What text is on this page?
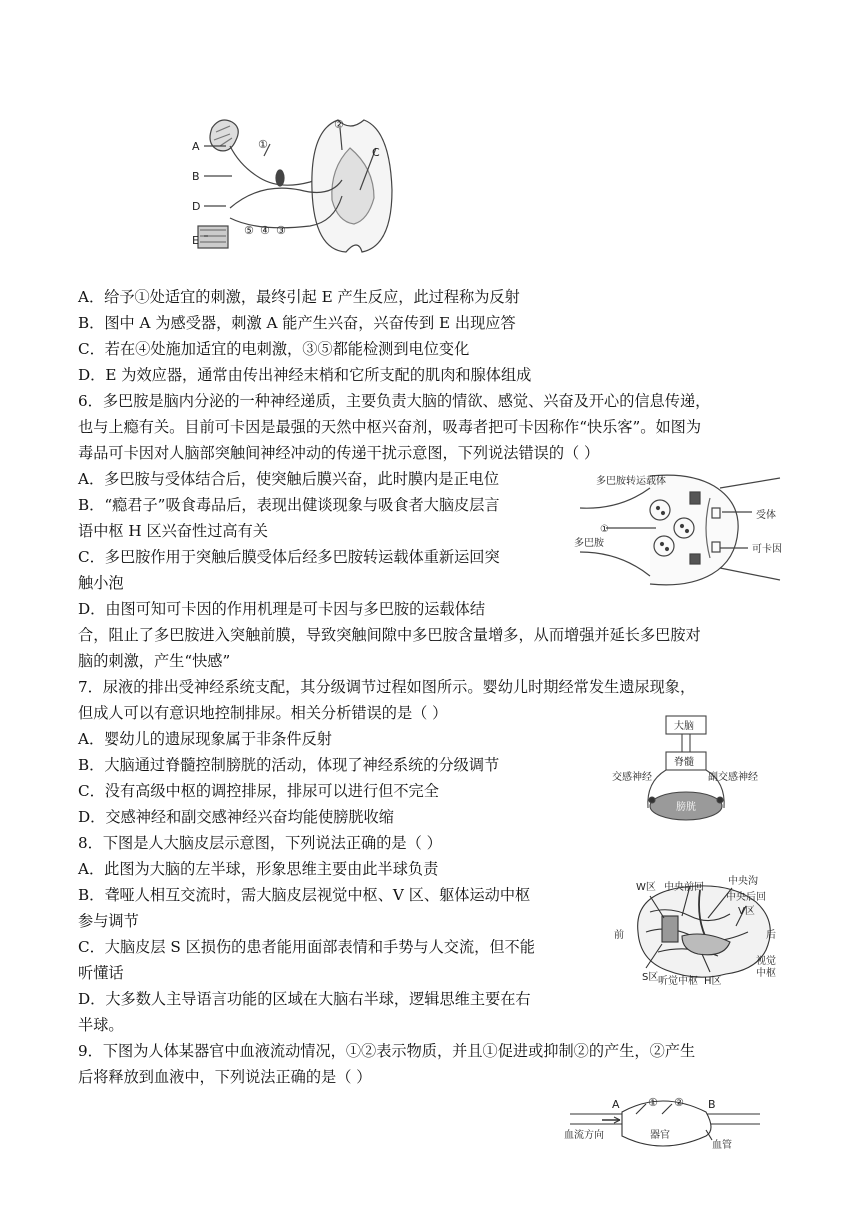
A
B
C
D
E
①
②
③
④
⑤
A．给予①处适宜的刺激，最终引起 E 产生反应，此过程称为反射
B．图中 A 为感受器，刺激 A 能产生兴奋，兴奋传到 E 出现应答
C．若在④处施加适宜的电刺激，③⑤都能检测到电位变化
D．E 为效应器，通常由传出神经末梢和它所支配的肌肉和腺体组成
6．多巴胺是脑内分泌的一种神经递质，主要负责大脑的情欲、感觉、兴奋及开心的信息传递，
也与上瘾有关。目前可卡因是最强的天然中枢兴奋剂，吸毒者把可卡因称作“快乐客”。如图为
毒品可卡因对人脑部突触间神经冲动的传递干扰示意图，下列说法错误的（ ）
A．多巴胺与受体结合后，使突触后膜兴奋，此时膜内是正电位
B．“瘾君子”吸食毒品后，表现出健谈现象与吸食者大脑皮层言
语中枢 H 区兴奋性过高有关
C．多巴胺作用于突触后膜受体后经多巴胺转运载体重新运回突
触小泡
D．由图可知可卡因的作用机理是可卡因与多巴胺的运载体结
合，阻止了多巴胺进入突触前膜，导致突触间隙中多巴胺含量增多，从而增强并延长多巴胺对
脑的刺激，产生“快感”
多巴胺转运载体
受体
可卡因
①
多巴胺
7．尿液的排出受神经系统支配，其分级调节过程如图所示。婴幼儿时期经常发生遗尿现象，
但成人可以有意识地控制排尿。相关分析错误的是（ ）
A．婴幼儿的遗尿现象属于非条件反射
B．大脑通过脊髓控制膀胱的活动，体现了神经系统的分级调节
C．没有高级中枢的调控排尿，排尿可以进行但不完全
D．交感神经和副交感神经兴奋均能使膀胱收缩
大脑
脊髓
交感神经	副交感神经
膀胱
8．下图是人大脑皮层示意图，下列说法正确的是（ ）
A．此图为大脑的左半球，形象思维主要由此半球负责
B．聋哑人相互交流时，需大脑皮层视觉中枢、V 区、躯体运动中枢
参与调节
C．大脑皮层 S 区损伤的患者能用面部表情和手势与人交流，但不能
听懂话
D．大多数人主导语言功能的区域在大脑右半球，逻辑思维主要在右
半球。
W区 中央前回
中央沟
中央后回
V区
前	后
S区 听觉中枢 H区
视觉
中枢
9．下图为人体某器官中血液流动情况，①②表示物质，并且①促进或抑制②的产生，②产生
后将释放到血液中，下列说法正确的是（ ）
A	B
① ②
血流方向	器官
血管
